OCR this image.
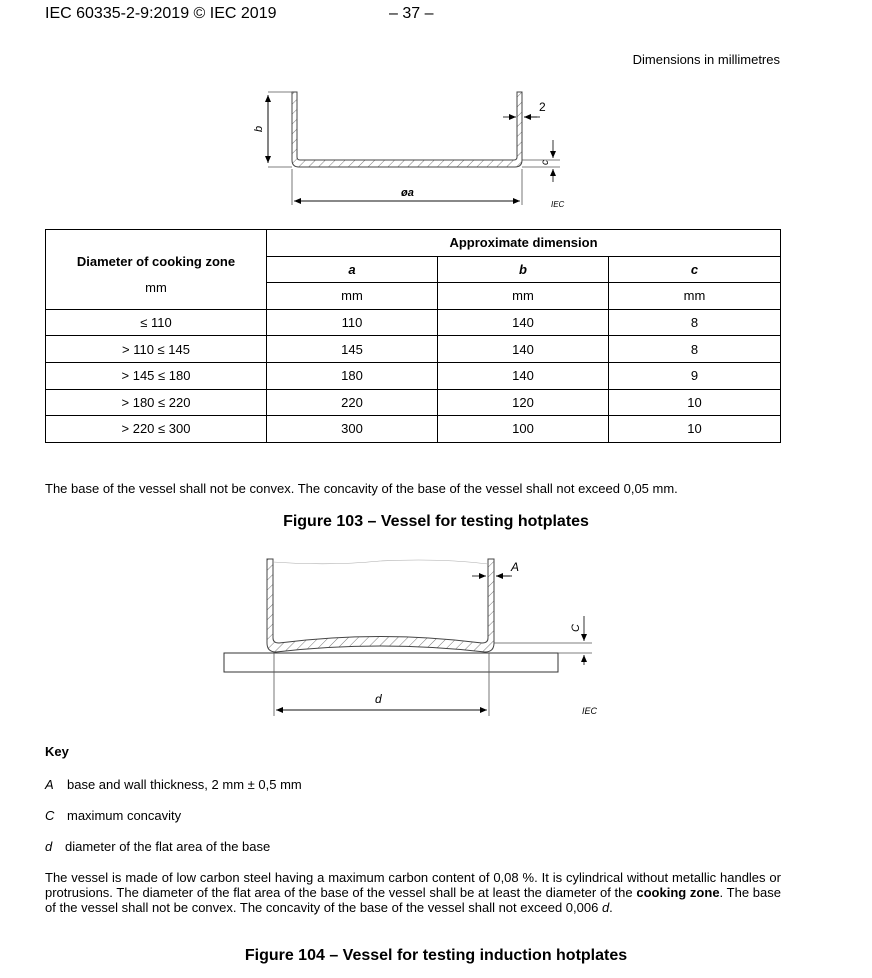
IEC 60335-2-9:2019 © IEC 2019	– 37 –
Dimensions in millimetres
b
øa
2
c
IEC
Diameter of cooking zone
mm	Approximate dimension		
	a	b	c
	mm	mm	mm
≤ 110	110	140	8
> 110 ≤ 145	145	140	8
> 145 ≤ 180	180	140	9
> 180 ≤ 220	220	120	10
> 220 ≤ 300	300	100	10
The base of the vessel shall not be convex. The concavity of the base of the vessel shall not exceed 0,05 mm.
Figure 103 – Vessel for testing hotplates
A
C
d
IEC
Key
A base and wall thickness, 2 mm ± 0,5 mm
C maximum concavity
d diameter of the flat area of the base
The vessel is made of low carbon steel having a maximum carbon content of 0,08 %. It is cylindrical without metallic handles or protrusions. The diameter of the flat area of the base of the vessel shall be at least the diameter of the cooking zone. The base of the vessel shall not be convex. The concavity of the base of the vessel shall not exceed 0,006 d.
Figure 104 – Vessel for testing induction hotplates
